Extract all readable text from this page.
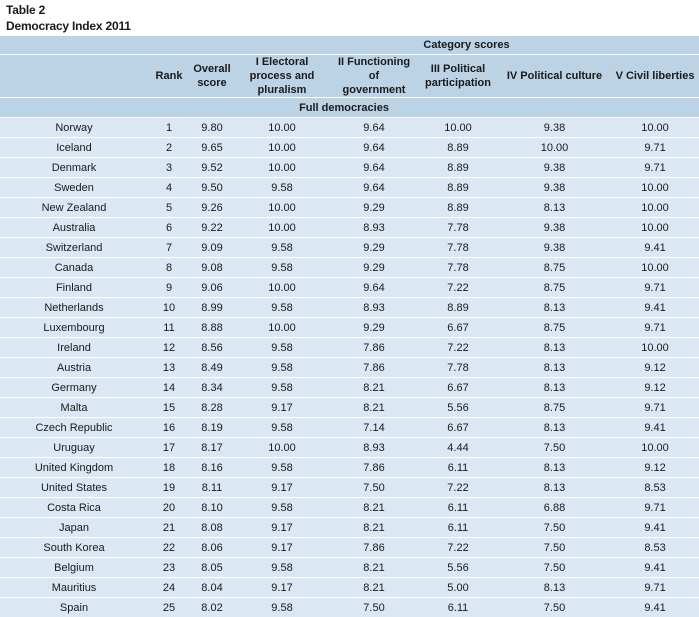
Table 2
Democracy Index 2011
			Category scores				
	Rank	Overall score	I Electoral process and pluralism	II Functioning of government	III Political participation	IV Political culture	V Civil liberties
		Full democracies					
Norway	1	9.80	10.00	9.64	10.00	9.38	10.00
Iceland	2	9.65	10.00	9.64	8.89	10.00	9.71
Denmark	3	9.52	10.00	9.64	8.89	9.38	9.71
Sweden	4	9.50	9.58	9.64	8.89	9.38	10.00
New Zealand	5	9.26	10.00	9.29	8.89	8.13	10.00
Australia	6	9.22	10.00	8.93	7.78	9.38	10.00
Switzerland	7	9.09	9.58	9.29	7.78	9.38	9.41
Canada	8	9.08	9.58	9.29	7.78	8.75	10.00
Finland	9	9.06	10.00	9.64	7.22	8.75	9.71
Netherlands	10	8.99	9.58	8.93	8.89	8.13	9.41
Luxembourg	11	8.88	10.00	9.29	6.67	8.75	9.71
Ireland	12	8.56	9.58	7.86	7.22	8.13	10.00
Austria	13	8.49	9.58	7.86	7.78	8.13	9.12
Germany	14	8.34	9.58	8.21	6.67	8.13	9.12
Malta	15	8.28	9.17	8.21	5.56	8.75	9.71
Czech Republic	16	8.19	9.58	7.14	6.67	8.13	9.41
Uruguay	17	8.17	10.00	8.93	4.44	7.50	10.00
United Kingdom	18	8.16	9.58	7.86	6.11	8.13	9.12
United States	19	8.11	9.17	7.50	7.22	8.13	8.53
Costa Rica	20	8.10	9.58	8.21	6.11	6.88	9.71
Japan	21	8.08	9.17	8.21	6.11	7.50	9.41
South Korea	22	8.06	9.17	7.86	7.22	7.50	8.53
Belgium	23	8.05	9.58	8.21	5.56	7.50	9.41
Mauritius	24	8.04	9.17	8.21	5.00	8.13	9.71
Spain	25	8.02	9.58	7.50	6.11	7.50	9.41
